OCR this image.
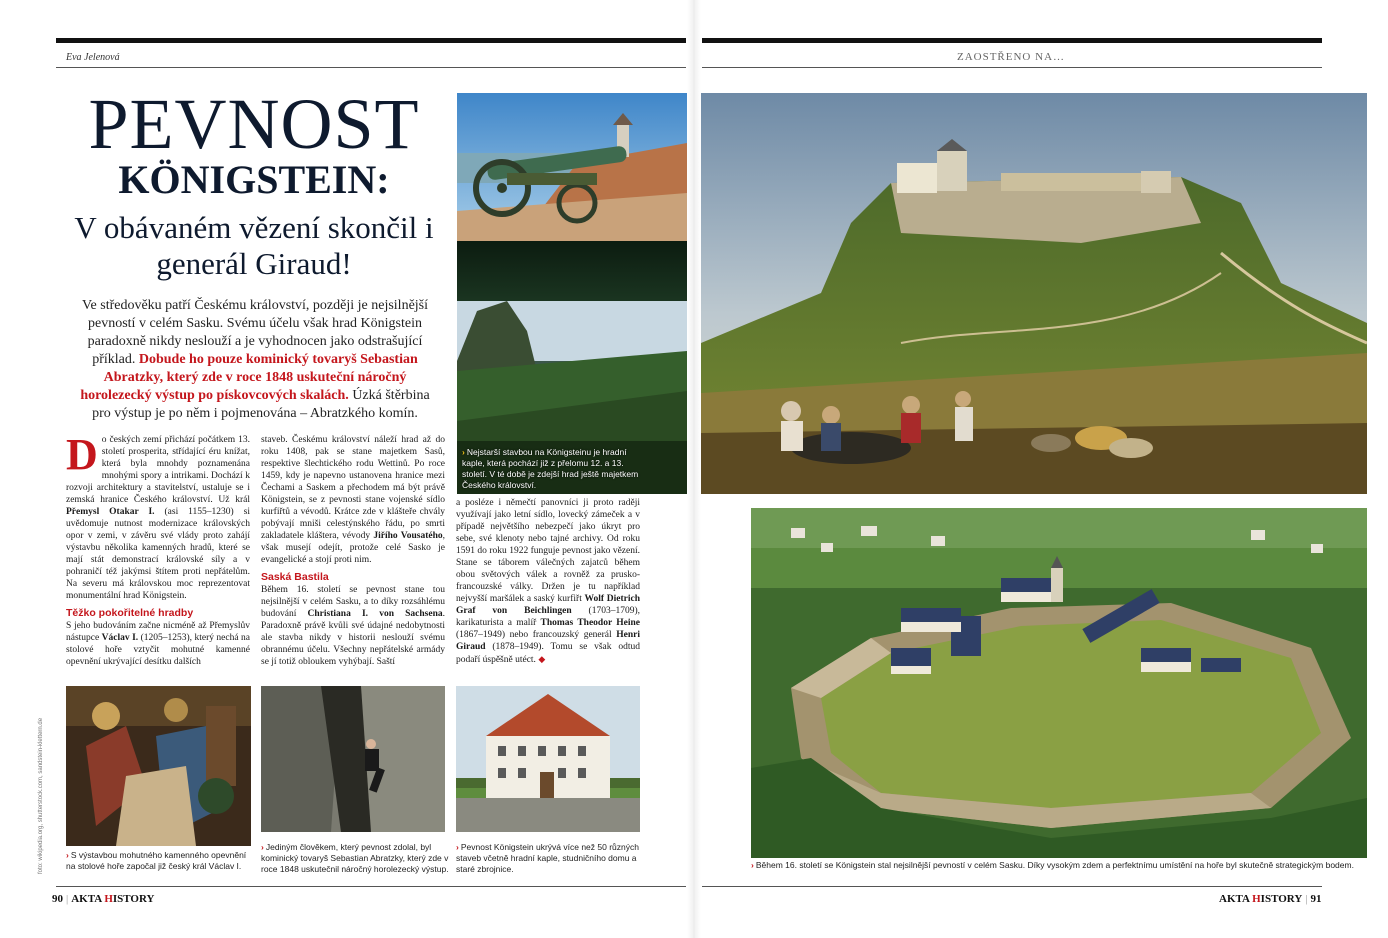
Eva Jelenová	ZAOSTŘENO NA…
PEVNOST
KÖNIGSTEIN:
V obávaném vězení skončil i generál Giraud!
Ve středověku patří Českému království, později je nejsilnější pevností v celém Sasku. Svému účelu však hrad Königstein paradoxně nikdy neslouží a je vyhodnocen jako odstrašující příklad. Dobude ho pouze kominický tovaryš Sebastian Abratzky, který zde v roce 1848 uskuteční náročný horolezecký výstup po pískovcových skalách. Úzká štěrbina pro výstup je po něm i pojmenována – Abratzkého komín.
D o českých zemí přichází počátkem 13. století prosperita, střídající éru knížat, která byla mnohdy poznamenána mnohými spory a intrikami. Dochází k rozvoji architektury a stavitelství, ustaluje se i zemská hranice Českého království. Už král Přemysl Otakar I. (asi 1155–1230) si uvědomuje nutnost modernizace královských opor v zemi, v závěru své vlády proto zahájí výstavbu několika kamenných hradů, které se mají stát demonstrací královské síly a v pohraničí též jakýmsi štítem proti nepřátelům. Na severu má královskou moc reprezentovat monumentální hrad Königstein.
Těžko pokořitelné hradby
S jeho budováním začne nicméně až Přemyslův nástupce Václav I. (1205–1253), který nechá na stolové hoře vztyčit mohutné kamenné opevnění ukrývající desítku dalších
staveb. Českému království náleží hrad až do roku 1408, pak se stane majetkem Sasů, respektive šlechtického rodu Wettinů. Po roce 1459, kdy je napevno ustanovena hranice mezi Čechami a Saskem a přechodem má být právě Königstein, se z pevnosti stane vojenské sídlo kurfiřtů a vévodů. Krátce zde v klášteře chvály pobývají mniši celestýnského řádu, po smrti zakladatele kláštera, vévody Jiřího Vousatého, však musejí odejít, protože celé Sasko je evangelické a stojí proti nim.
Saská Bastila
Během 16. století se pevnost stane tou nejsilnější v celém Sasku, a to díky rozsáhlému budování Christiana I. von Sachsena. Paradoxně právě kvůli své údajné nedobytnosti ale stavba nikdy v historii neslouží svému obrannému účelu. Všechny nepřátelské armády se jí totiž obloukem vyhýbají. Saští
a posléze i němečtí panovníci ji proto raději využívají jako letní sídlo, lovecký zámeček a v případě největšího nebezpečí jako úkryt pro sebe, své klenoty nebo tajné archivy. Od roku 1591 do roku 1922 funguje pevnost jako vězení. Stane se táborem válečných zajatců během obou světových válek a rovněž za prusko-francouzské války. Držen je tu například nejvyšší maršálek a saský kurfiřt Wolf Dietrich Graf von Beichlingen (1703–1709), karikaturista a malíř Thomas Theodor Heine (1867–1949) nebo francouzský generál Henri Giraud (1878–1949). Tomu se však odtud podaří úspěšně utéct. ◆
› Nejstarší stavbou na Königsteinu je hradní kaple, která pochází již z přelomu 12. a 13. století. V té době je zdejší hrad ještě majetkem Českého království.
› S výstavbou mohutného kamenného opevnění na stolové hoře započal již český král Václav I.
› Jediným člověkem, který pevnost zdolal, byl kominický tovaryš Sebastian Abratzky, který zde v roce 1848 uskutečnil náročný horolezecký výstup.
› Pevnost Königstein ukrývá více než 50 různých staveb včetně hradní kaple, studničního domu a staré zbrojnice.	› Během 16. století se Königstein stal nejsilnější pevností v celém Sasku. Díky vysokým zdem a perfektnímu umístění na hoře byl skutečně strategickým bodem.
foto: wikipedia.org, shutterstock.com, sandstein-klettern.de
90 | AKTA HISTORY	AKTA HISTORY | 91
